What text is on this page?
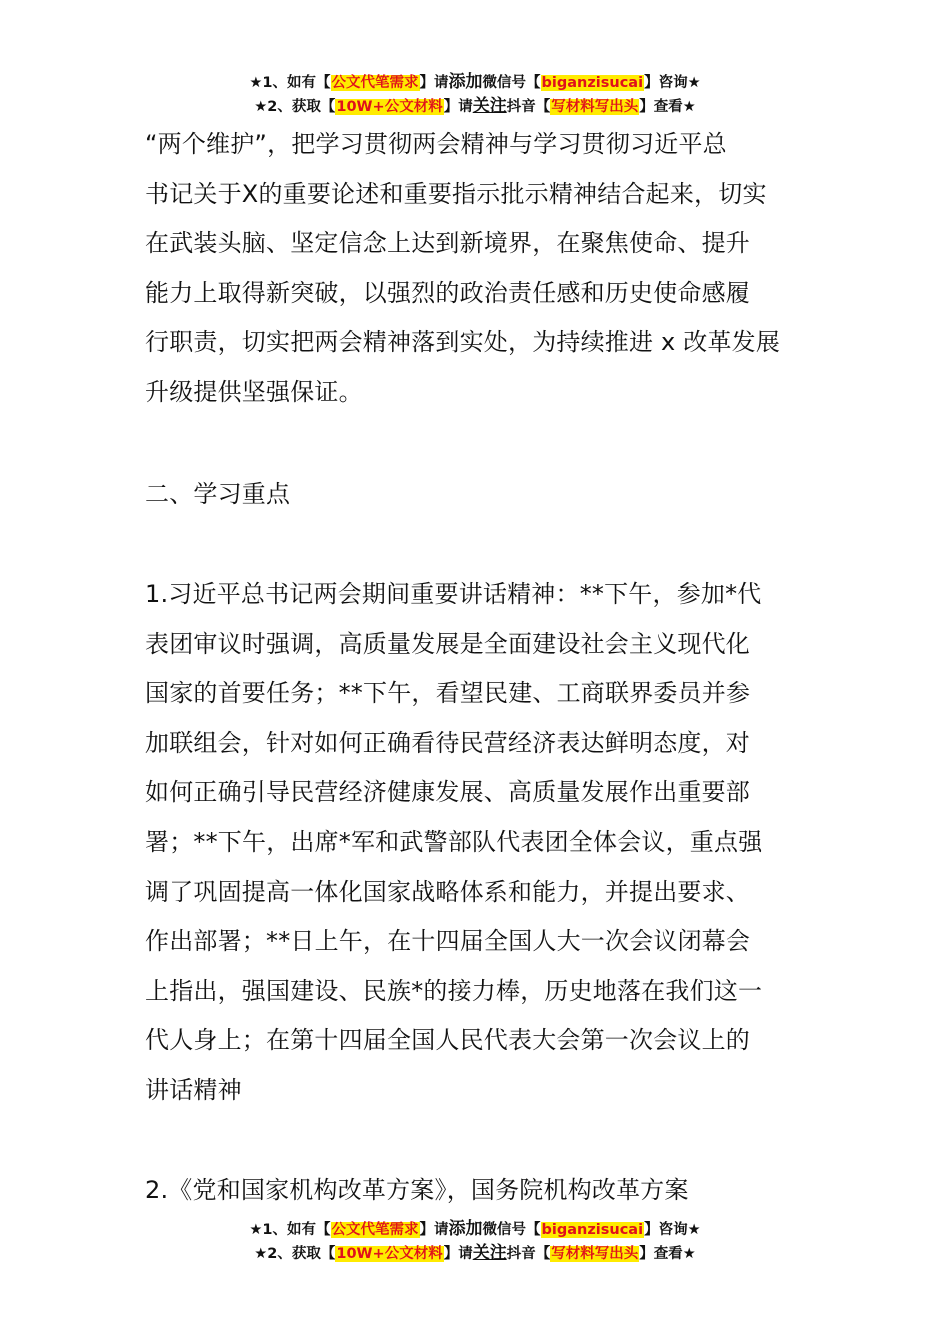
★1、如有【公文代笔需求】请添加微信号【biganzisucai】咨询★
★2、获取【10W+公文材料】请关注抖音【写材料写出头】查看★

“两个维护”，把学习贯彻两会精神与学习贯彻习近平总

书记关于X的重要论述和重要指示批示精神结合起来，切实

在武装头脑、坚定信念上达到新境界，在聚焦使命、提升

能力上取得新突破，以强烈的政治责任感和历史使命感履

行职责，切实把两会精神落到实处，为持续推进 x 改革发展

升级提供坚强保证。

二、学习重点

1.习近平总书记两会期间重要讲话精神：**下午，参加*代

表团审议时强调，高质量发展是全面建设社会主义现代化

国家的首要任务；**下午，看望民建、工商联界委员并参

加联组会，针对如何正确看待民营经济表达鲜明态度，对

如何正确引导民营经济健康发展、高质量发展作出重要部

署；**下午，出席*军和武警部队代表团全体会议，重点强

调了巩固提高一体化国家战略体系和能力，并提出要求、

作出部署；**日上午，在十四届全国人大一次会议闭幕会

上指出，强国建设、民族*的接力棒，历史地落在我们这一

代人身上；在第十四届全国人民代表大会第一次会议上的

讲话精神

2.《党和国家机构改革方案》，国务院机构改革方案

★1、如有【公文代笔需求】请添加微信号【biganzisucai】咨询★
★2、获取【10W+公文材料】请关注抖音【写材料写出头】查看★
